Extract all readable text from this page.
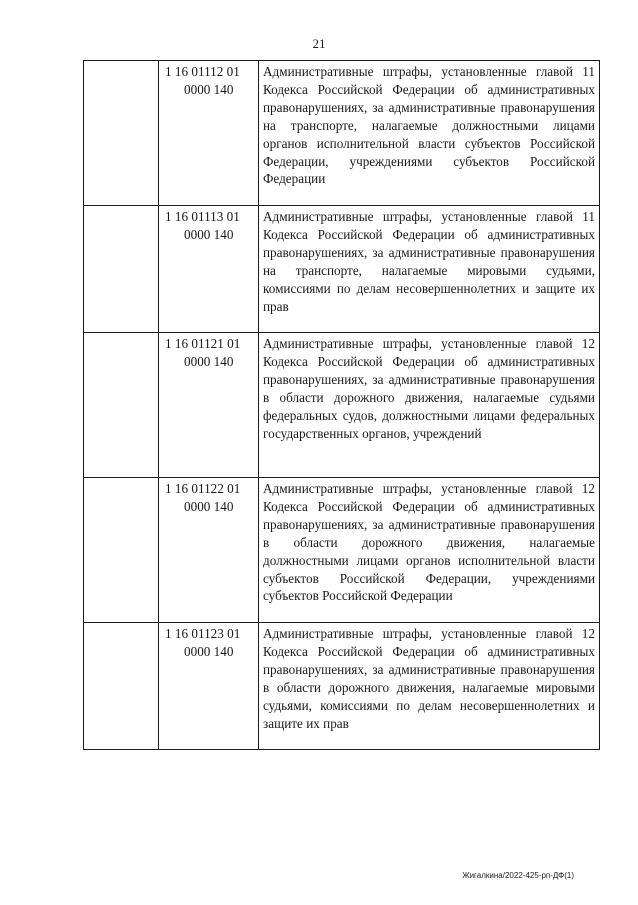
21

	1 16 01112 01
0000 140	Административные штрафы, установленные главой 11 Кодекса Российской Федерации об административных правонарушениях, за административные правонарушения на транспорте, налагаемые должностными лицами органов исполнительной власти субъектов Российской Федерации, учреждениями субъектов Российской Федерации

	1 16 01113 01
0000 140	Административные штрафы, установленные главой 11 Кодекса Российской Федерации об административных правонарушениях, за административные правонарушения на транспорте, налагаемые мировыми судьями, комиссиями по делам несовершеннолетних и защите их прав

	1 16 01121 01
0000 140	Административные штрафы, установленные главой 12 Кодекса Российской Федерации об административных правонарушениях, за административные правонарушения в области дорожного движения, налагаемые судьями федеральных судов, должностными лицами федеральных государственных органов, учреждений

	1 16 01122 01
0000 140	Административные штрафы, установленные главой 12 Кодекса Российской Федерации об административных правонарушениях, за административные правонарушения в области дорожного движения, налагаемые должностными лицами органов исполнительной власти субъектов Российской Федерации, учреждениями субъектов Российской Федерации

	1 16 01123 01
0000 140	Административные штрафы, установленные главой 12 Кодекса Российской Федерации об административных правонарушениях, за административные правонарушения в области дорожного движения, налагаемые мировыми судьями, комиссиями по делам несовершеннолетних и защите их прав
Жигалкина/2022-425-рп-ДФ(1)
